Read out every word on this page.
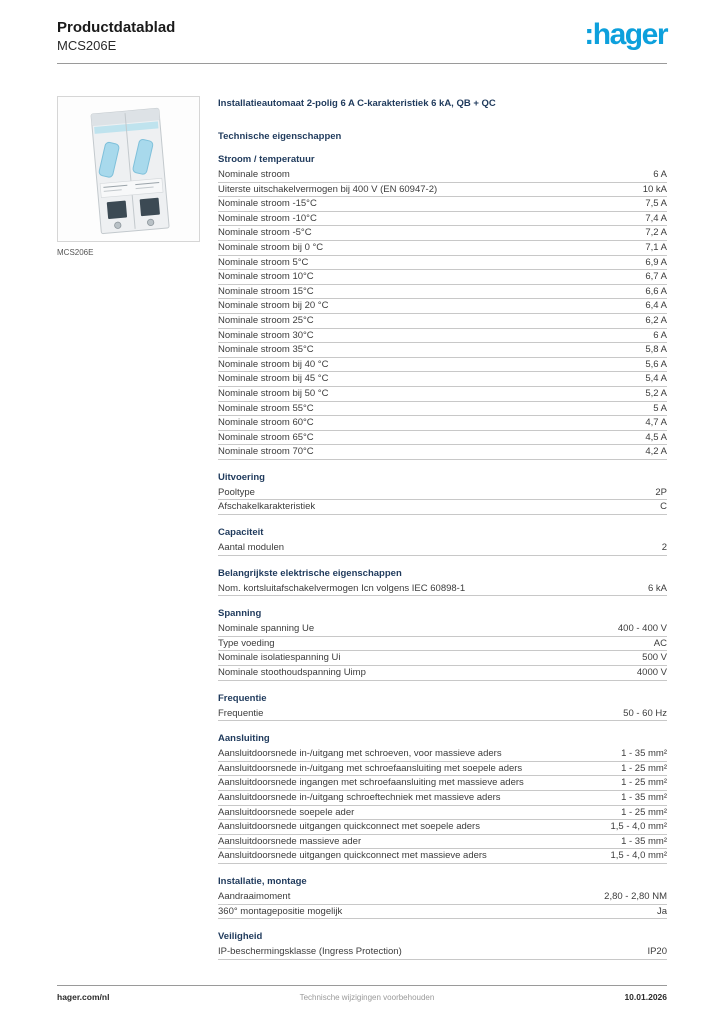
Productdatablad
MCS206E	:hager
MCS206E
Installatieautomaat 2-polig 6 A C-karakteristiek 6 kA, QB + QC
Technische eigenschappen
Stroom / temperatuur
Nominale stroom	6 A
Uiterste uitschakelvermogen bij 400 V (EN 60947-2)	10 kA
Nominale stroom -15°C	7,5 A
Nominale stroom -10°C	7,4 A
Nominale stroom -5°C	7,2 A
Nominale stroom bij 0 °C	7,1 A
Nominale stroom 5°C	6,9 A
Nominale stroom 10°C	6,7 A
Nominale stroom 15°C	6,6 A
Nominale stroom bij 20 °C	6,4 A
Nominale stroom 25°C	6,2 A
Nominale stroom 30°C	6 A
Nominale stroom 35°C	5,8 A
Nominale stroom bij 40 °C	5,6 A
Nominale stroom bij 45 °C	5,4 A
Nominale stroom bij 50 °C	5,2 A
Nominale stroom 55°C	5 A
Nominale stroom 60°C	4,7 A
Nominale stroom 65°C	4,5 A
Nominale stroom 70°C	4,2 A
Uitvoering
Pooltype	2P
Afschakelkarakteristiek	C
Capaciteit
Aantal modulen	2
Belangrijkste elektrische eigenschappen
Nom. kortsluitafschakelvermogen Icn volgens IEC 60898-1	6 kA
Spanning
Nominale spanning Ue	400 - 400 V
Type voeding	AC
Nominale isolatiespanning Ui	500 V
Nominale stoothoudspanning Uimp	4000 V
Frequentie
Frequentie	50 - 60 Hz
Aansluiting
Aansluitdoorsnede in-/uitgang met schroeven, voor massieve aders	1 - 35 mm²
Aansluitdoorsnede in-/uitgang met schroefaansluiting met soepele aders	1 - 25 mm²
Aansluitdoorsnede ingangen met schroefaansluiting met massieve aders	1 - 25 mm²
Aansluitdoorsnede in-/uitgang schroeftechniek met massieve aders	1 - 35 mm²
Aansluitdoorsnede soepele ader	1 - 25 mm²
Aansluitdoorsnede uitgangen quickconnect met soepele aders	1,5 - 4,0 mm²
Aansluitdoorsnede massieve ader	1 - 35 mm²
Aansluitdoorsnede uitgangen quickconnect met massieve aders	1,5 - 4,0 mm²
Installatie, montage
Aandraaimoment	2,80 - 2,80 NM
360° montagepositie mogelijk	Ja
Veiligheid
IP-beschermingsklasse (Ingress Protection)	IP20
hager.com/nl	Technische wijzigingen voorbehouden	10.01.2026
